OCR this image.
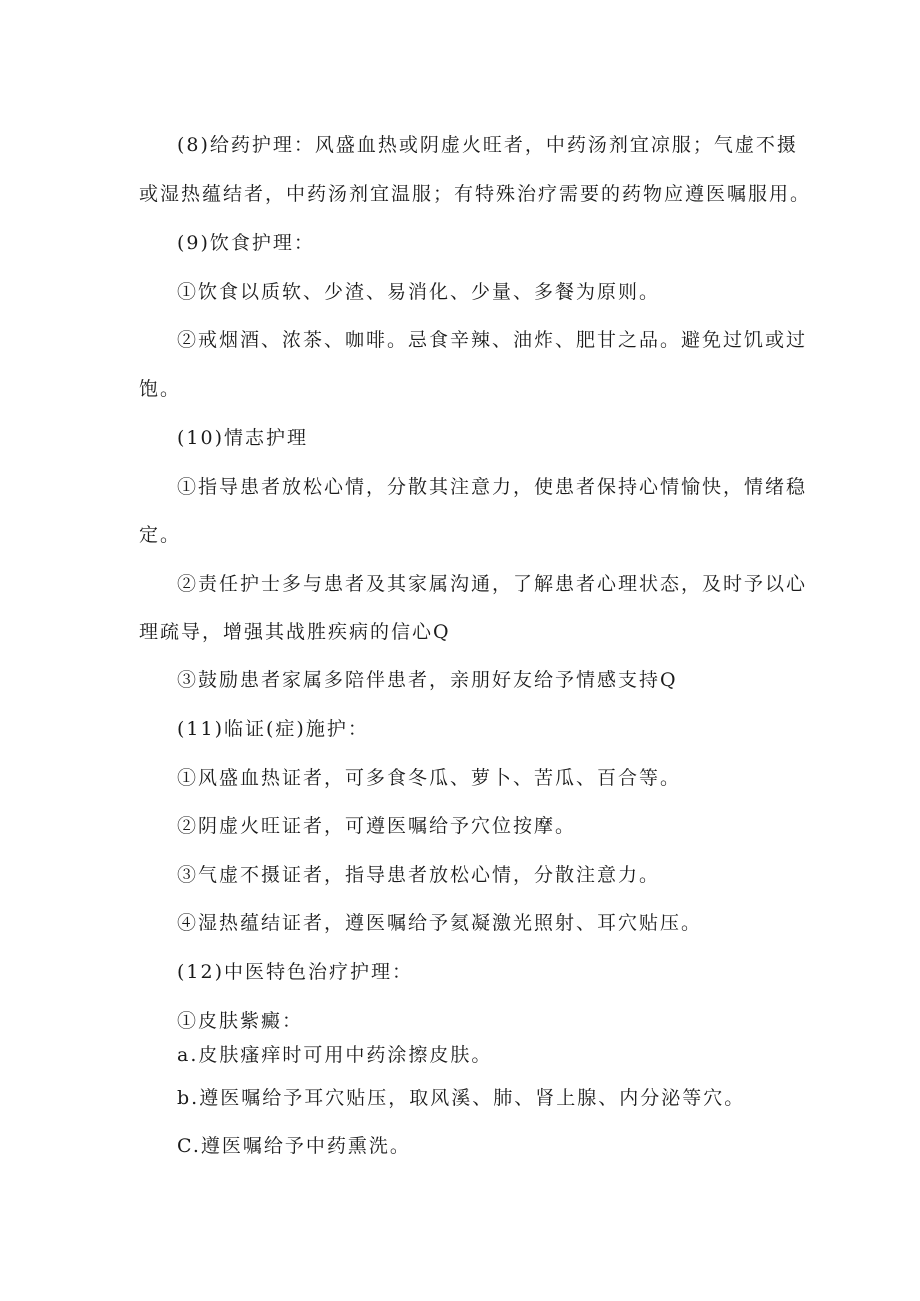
(8)给药护理：风盛血热或阴虚火旺者，中药汤剂宜凉服；气虚不摄
或湿热蕴结者，中药汤剂宜温服；有特殊治疗需要的药物应遵医嘱服用。
(9)饮食护理：
①饮食以质软、少渣、易消化、少量、多餐为原则。
②戒烟酒、浓茶、咖啡。忌食辛辣、油炸、肥甘之品。避免过饥或过
饱。
(10)情志护理
①指导患者放松心情，分散其注意力，使患者保持心情愉快，情绪稳
定。
②责任护士多与患者及其家属沟通，了解患者心理状态，及时予以心
理疏导，增强其战胜疾病的信心Q
③鼓励患者家属多陪伴患者，亲朋好友给予情感支持Q
(11)临证(症)施护：
①风盛血热证者，可多食冬瓜、萝卜、苦瓜、百合等。
②阴虚火旺证者，可遵医嘱给予穴位按摩。
③气虚不摄证者，指导患者放松心情，分散注意力。
④湿热蕴结证者，遵医嘱给予氦凝激光照射、耳穴贴压。
(12)中医特色治疗护理：
①皮肤紫癜：
a.皮肤瘙痒时可用中药涂擦皮肤。
b.遵医嘱给予耳穴贴压，取风溪、肺、肾上腺、内分泌等穴。
C.遵医嘱给予中药熏洗。
